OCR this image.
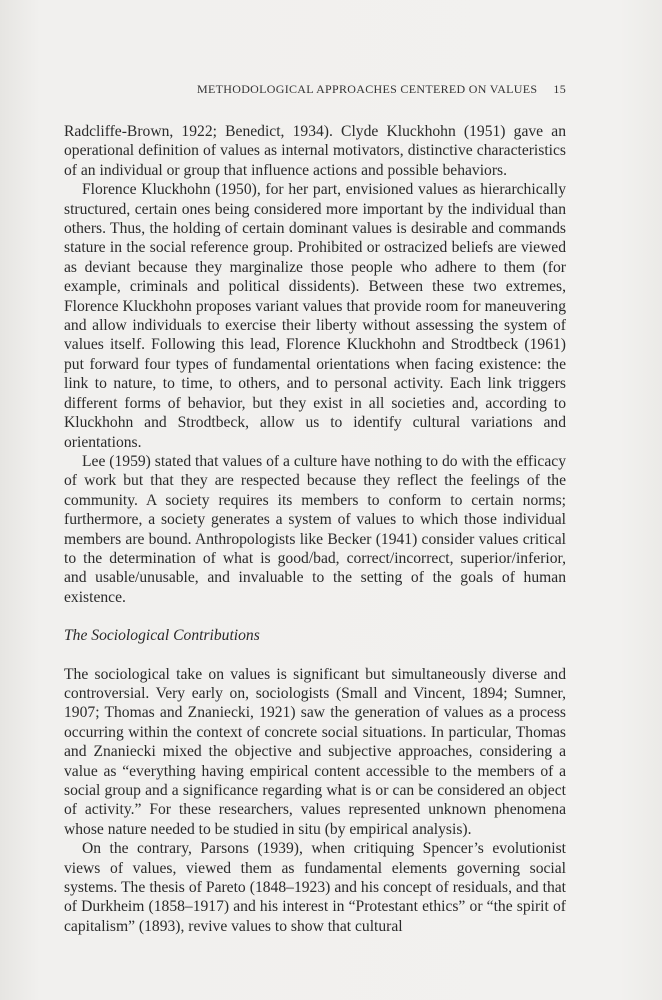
METHODOLOGICAL APPROACHES CENTERED ON VALUES 15

Radcliffe-Brown, 1922; Benedict, 1934). Clyde Kluckhohn (1951) gave an operational definition of values as internal motivators, distinctive characteristics of an individual or group that influence actions and possible behaviors.

Florence Kluckhohn (1950), for her part, envisioned values as hierarchically structured, certain ones being considered more important by the individual than others. Thus, the holding of certain dominant values is desirable and commands stature in the social reference group. Prohibited or ostracized beliefs are viewed as deviant because they marginalize those people who adhere to them (for example, criminals and political dissidents). Between these two extremes, Florence Kluckhohn proposes variant values that provide room for maneuvering and allow individuals to exercise their liberty without assessing the system of values itself. Following this lead, Florence Kluckhohn and Strodtbeck (1961) put forward four types of fundamental orientations when facing existence: the link to nature, to time, to others, and to personal activity. Each link triggers different forms of behavior, but they exist in all societies and, according to Kluckhohn and Strodtbeck, allow us to identify cultural variations and orientations.

Lee (1959) stated that values of a culture have nothing to do with the efficacy of work but that they are respected because they reflect the feelings of the community. A society requires its members to conform to certain norms; furthermore, a society generates a system of values to which those individual members are bound. Anthropologists like Becker (1941) consider values critical to the determination of what is good/bad, correct/incorrect, superior/inferior, and usable/unusable, and invaluable to the setting of the goals of human existence.

The Sociological Contributions

The sociological take on values is significant but simultaneously diverse and controversial. Very early on, sociologists (Small and Vincent, 1894; Sumner, 1907; Thomas and Znaniecki, 1921) saw the generation of values as a process occurring within the context of concrete social situations. In particular, Thomas and Znaniecki mixed the objective and subjective approaches, considering a value as “everything having empirical content accessible to the members of a social group and a significance regarding what is or can be considered an object of activity.” For these researchers, values represented unknown phenomena whose nature needed to be studied in situ (by empirical analysis).

On the contrary, Parsons (1939), when critiquing Spencer’s evolutionist views of values, viewed them as fundamental elements governing social systems. The thesis of Pareto (1848–1923) and his concept of residuals, and that of Durkheim (1858–1917) and his interest in “Protestant ethics” or “the spirit of capitalism” (1893), revive values to show that cultural
